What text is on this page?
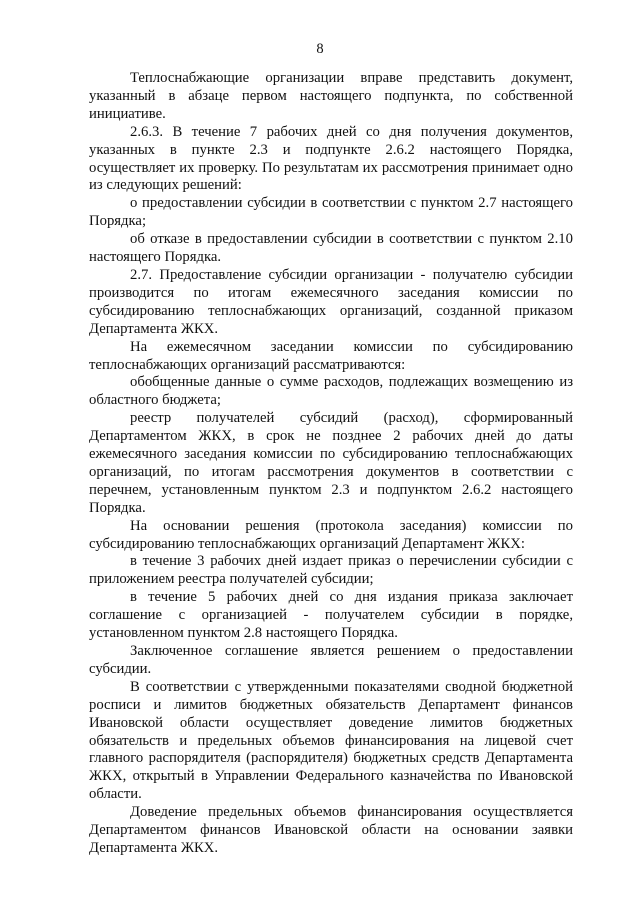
8

Теплоснабжающие организации вправе представить документ, указанный в абзаце первом настоящего подпункта, по собственной инициативе.

2.6.3. В течение 7 рабочих дней со дня получения документов, указанных в пункте 2.3 и подпункте 2.6.2 настоящего Порядка, осуществляет их проверку. По результатам их рассмотрения принимает одно из следующих решений:

о предоставлении субсидии в соответствии с пунктом 2.7 настоящего Порядка;

об отказе в предоставлении субсидии в соответствии с пунктом 2.10 настоящего Порядка.

2.7. Предоставление субсидии организации - получателю субсидии производится по итогам ежемесячного заседания комиссии по субсидированию теплоснабжающих организаций, созданной приказом Департамента ЖКХ.

На ежемесячном заседании комиссии по субсидированию теплоснабжающих организаций рассматриваются:

обобщенные данные о сумме расходов, подлежащих возмещению из областного бюджета;

реестр получателей субсидий (расход), сформированный Департаментом ЖКХ, в срок не позднее 2 рабочих дней до даты ежемесячного заседания комиссии по субсидированию теплоснабжающих организаций, по итогам рассмотрения документов в соответствии с перечнем, установленным пунктом 2.3 и подпунктом 2.6.2 настоящего Порядка.

На основании решения (протокола заседания) комиссии по субсидированию теплоснабжающих организаций Департамент ЖКХ:

в течение 3 рабочих дней издает приказ о перечислении субсидии с приложением реестра получателей субсидии;

в течение 5 рабочих дней со дня издания приказа заключает соглашение с организацией - получателем субсидии в порядке, установленном пунктом 2.8 настоящего Порядка.

Заключенное соглашение является решением о предоставлении субсидии.

В соответствии с утвержденными показателями сводной бюджетной росписи и лимитов бюджетных обязательств Департамент финансов Ивановской области осуществляет доведение лимитов бюджетных обязательств и предельных объемов финансирования на лицевой счет главного распорядителя (распорядителя) бюджетных средств Департамента ЖКХ, открытый в Управлении Федерального казначейства по Ивановской области.

Доведение предельных объемов финансирования осуществляется Департаментом финансов Ивановской области на основании заявки Департамента ЖКХ.
